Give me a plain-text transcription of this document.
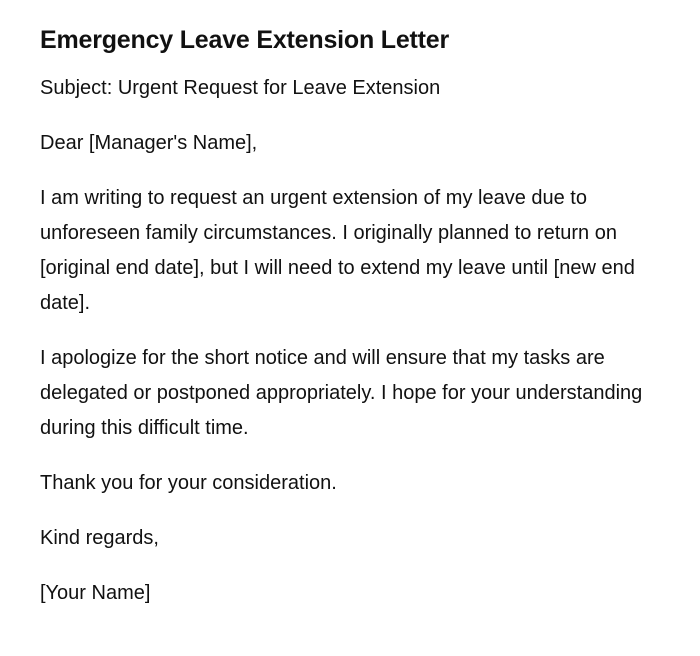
Emergency Leave Extension Letter

Subject: Urgent Request for Leave Extension

Dear [Manager's Name],

I am writing to request an urgent extension of my leave due to unforeseen family circumstances. I originally planned to return on [original end date], but I will need to extend my leave until [new end date].

I apologize for the short notice and will ensure that my tasks are delegated or postponed appropriately. I hope for your understanding during this difficult time.

Thank you for your consideration.

Kind regards,

[Your Name]
